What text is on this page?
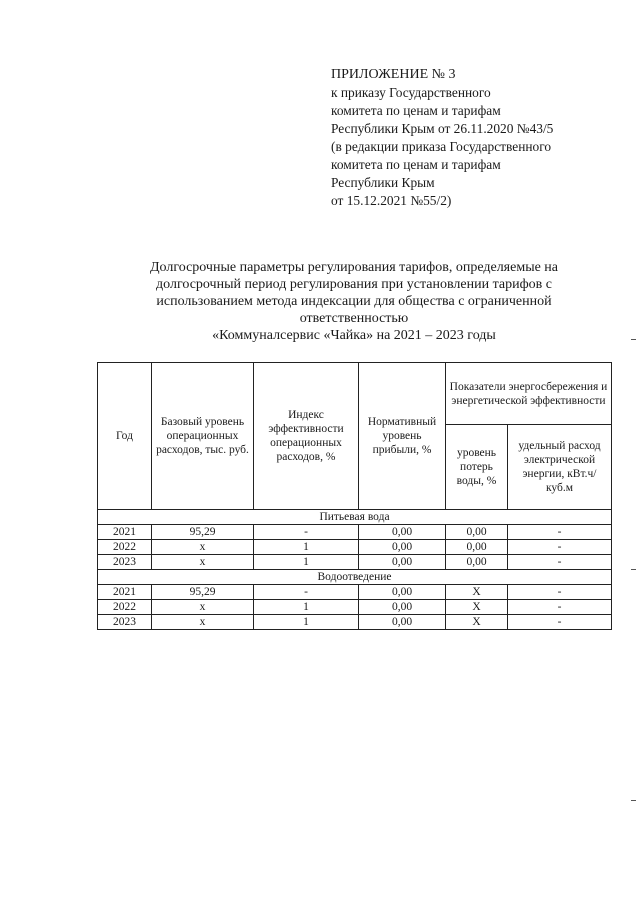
ПРИЛОЖЕНИЕ № 3
к приказу Государственного
комитета по ценам и тарифам
Республики Крым от 26.11.2020 №43/5
(в редакции приказа Государственного
комитета по ценам и тарифам
Республики Крым
от 15.12.2021 №55/2)
Долгосрочные параметры регулирования тарифов, определяемые на
долгосрочный период регулирования при установлении тарифов с
использованием метода индексации для общества с ограниченной
ответственностью
«Коммуналсервис «Чайка» на 2021 – 2023 годы
Год	Базовый уровень операционных расходов, тыс. руб.	Индекс эффективности операционных расходов, %	Нормативный уровень прибыли, %	Показатели энергосбережения и энергетической эффективности	
				уровень потерь воды, %	удельный расход электрической энергии, кВт.ч/куб.м
Питьевая вода					
2021	95,29	-	0,00	0,00	-
2022	х	1	0,00	0,00	-
2023	х	1	0,00	0,00	-
Водоотведение					
2021	95,29	-	0,00	Х	-
2022	х	1	0,00	Х	-
2023	х	1	0,00	Х	-
